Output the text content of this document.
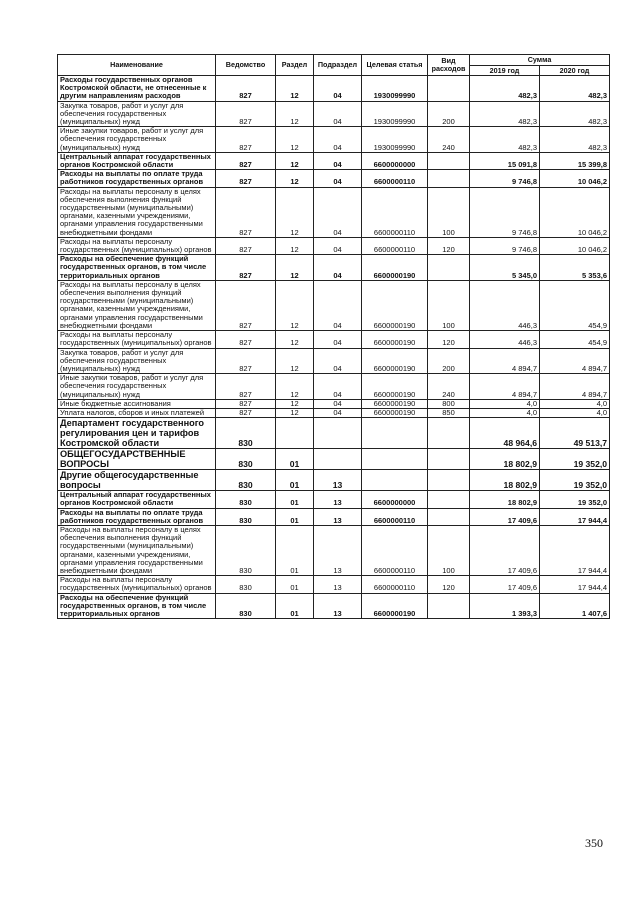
Наименование	Ведомство	Раздел	Подраздел	Целевая статья	Вид расходов	Сумма	
						2019 год	2020 год
Расходы государственных органов Костромской области, не отнесенные к другим направлениям расходов	827	12	04	1930099990		482,3	482,3
Закупка товаров, работ и услуг для обеспечения государственных (муниципальных) нужд	827	12	04	1930099990	200	482,3	482,3
Иные закупки товаров, работ и услуг для обеспечения государственных (муниципальных) нужд	827	12	04	1930099990	240	482,3	482,3
Центральный аппарат государственных органов Костромской области	827	12	04	6600000000		15 091,8	15 399,8
Расходы на выплаты по оплате труда работников государственных органов	827	12	04	6600000110		9 746,8	10 046,2
Расходы на выплаты персоналу в целях обеспечения выполнения функций государственными (муниципальными) органами, казенными учреждениями, органами управления государственными внебюджетными фондами	827	12	04	6600000110	100	9 746,8	10 046,2
Расходы на выплаты персоналу государственных (муниципальных) органов	827	12	04	6600000110	120	9 746,8	10 046,2
Расходы на обеспечение функций государственных органов, в том числе территориальных органов	827	12	04	6600000190		5 345,0	5 353,6
Расходы на выплаты персоналу в целях обеспечения выполнения функций государственными (муниципальными) органами, казенными учреждениями, органами управления государственными внебюджетными фондами	827	12	04	6600000190	100	446,3	454,9
Расходы на выплаты персоналу государственных (муниципальных) органов	827	12	04	6600000190	120	446,3	454,9
Закупка товаров, работ и услуг для обеспечения государственных (муниципальных) нужд	827	12	04	6600000190	200	4 894,7	4 894,7
Иные закупки товаров, работ и услуг для обеспечения государственных (муниципальных) нужд	827	12	04	6600000190	240	4 894,7	4 894,7
Иные бюджетные ассигнования	827	12	04	6600000190	800	4,0	4,0
Уплата налогов, сборов и иных платежей	827	12	04	6600000190	850	4,0	4,0
Департамент государственного регулирования цен и тарифов Костромской области	830					48 964,6	49 513,7
ОБЩЕГОСУДАРСТВЕННЫЕ ВОПРОСЫ	830	01				18 802,9	19 352,0
Другие общегосударственные вопросы	830	01	13			18 802,9	19 352,0
Центральный аппарат государственных органов Костромской области	830	01	13	6600000000		18 802,9	19 352,0
Расходы на выплаты по оплате труда работников государственных органов	830	01	13	6600000110		17 409,6	17 944,4
Расходы на выплаты персоналу в целях обеспечения выполнения функций государственными (муниципальными) органами, казенными учреждениями, органами управления государственными внебюджетными фондами	830	01	13	6600000110	100	17 409,6	17 944,4
Расходы на выплаты персоналу государственных (муниципальных) органов	830	01	13	6600000110	120	17 409,6	17 944,4
Расходы на обеспечение функций государственных органов, в том числе территориальных органов	830	01	13	6600000190		1 393,3	1 407,6
350
